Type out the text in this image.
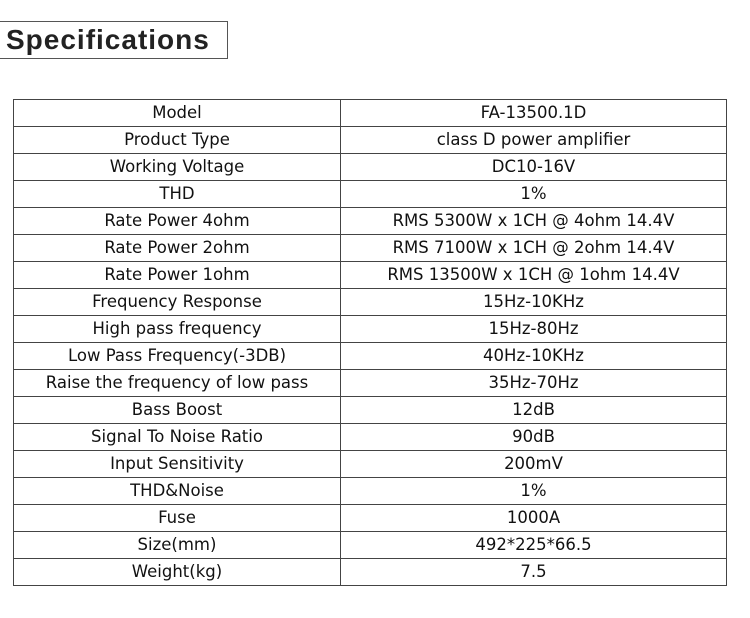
Specifications
Model	FA-13500.1D
Product Type	class D power amplifier
Working Voltage	DC10-16V
THD	1%
Rate Power 4ohm	RMS 5300W x 1CH @ 4ohm 14.4V
Rate Power 2ohm	RMS 7100W x 1CH @ 2ohm 14.4V
Rate Power 1ohm	RMS 13500W x 1CH @ 1ohm 14.4V
Frequency Response	15Hz-10KHz
High pass frequency	15Hz-80Hz
Low Pass Frequency(-3DB)	40Hz-10KHz
Raise the frequency of low pass	35Hz-70Hz
Bass Boost	12dB
Signal To Noise Ratio	90dB
Input Sensitivity	200mV
THD&Noise	1%
Fuse	1000A
Size(mm)	492*225*66.5
Weight(kg)	7.5
